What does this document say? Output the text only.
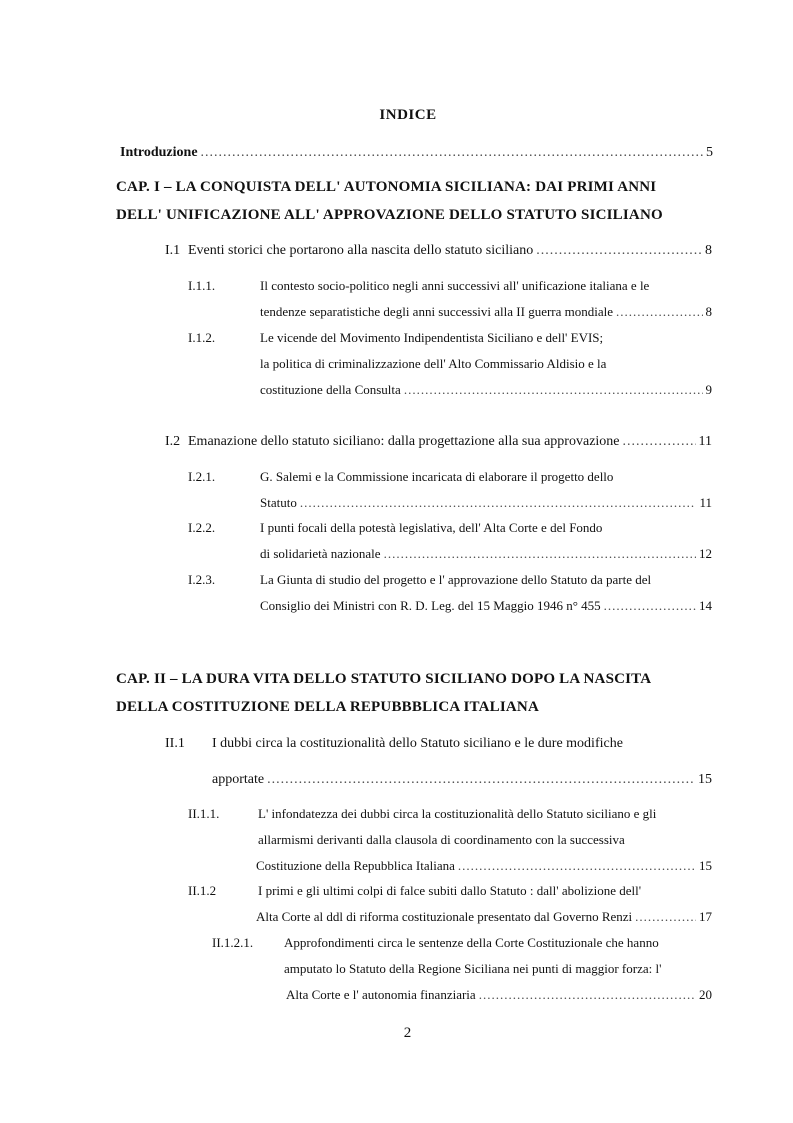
INDICE
Introduzione .....	5
CAP. I – LA CONQUISTA DELL' AUTONOMIA SICILIANA: DAI PRIMI ANNI
DELL' UNIFICAZIONE ALL' APPROVAZIONE DELLO STATUTO SICILIANO
I.1 Eventi storici che portarono alla nascita dello statuto siciliano .....	8
I.1.1.	Il contesto socio-politico negli anni successivi all' unificazione italiana e le
tendenze separatistiche degli anni successivi alla II guerra mondiale .....	8
I.1.2.	Le vicende del Movimento Indipendentista Siciliano e dell' EVIS;
la politica di criminalizzazione dell' Alto Commissario Aldisio e la
costituzione della Consulta .....	9
I.2 Emanazione dello statuto siciliano: dalla progettazione alla sua approvazione .....	11
I.2.1.	G. Salemi e la Commissione incaricata di elaborare il progetto dello
Statuto .....	11
I.2.2.	I punti focali della potestà legislativa, dell' Alta Corte e del Fondo
di solidarietà nazionale .....	12
I.2.3.	La Giunta di studio del progetto e l' approvazione dello Statuto da parte del
Consiglio dei Ministri con R. D. Leg. del 15 Maggio 1946 n° 455 .....	14
CAP. II – LA DURA VITA DELLO STATUTO SICILIANO DOPO LA NASCITA
DELLA COSTITUZIONE DELLA REPUBBBLICA ITALIANA
II.1 I dubbi circa la costituzionalità dello Statuto siciliano e le dure modifiche
apportate .....	15
II.1.1.	L' infondatezza dei dubbi circa la costituzionalità dello Statuto siciliano e gli
allarmismi derivanti dalla clausola di coordinamento con la successiva
Costituzione della Repubblica Italiana .....	15
II.1.2	I primi e gli ultimi colpi di falce subiti dallo Statuto : dall' abolizione dell'
Alta Corte al ddl di riforma costituzionale presentato dal Governo Renzi .....	17
II.1.2.1. Approfondimenti circa le sentenze della Corte Costituzionale che hanno
amputato lo Statuto della Regione Siciliana nei punti di maggior forza: l'
Alta Corte e l' autonomia finanziaria .....	20
2
